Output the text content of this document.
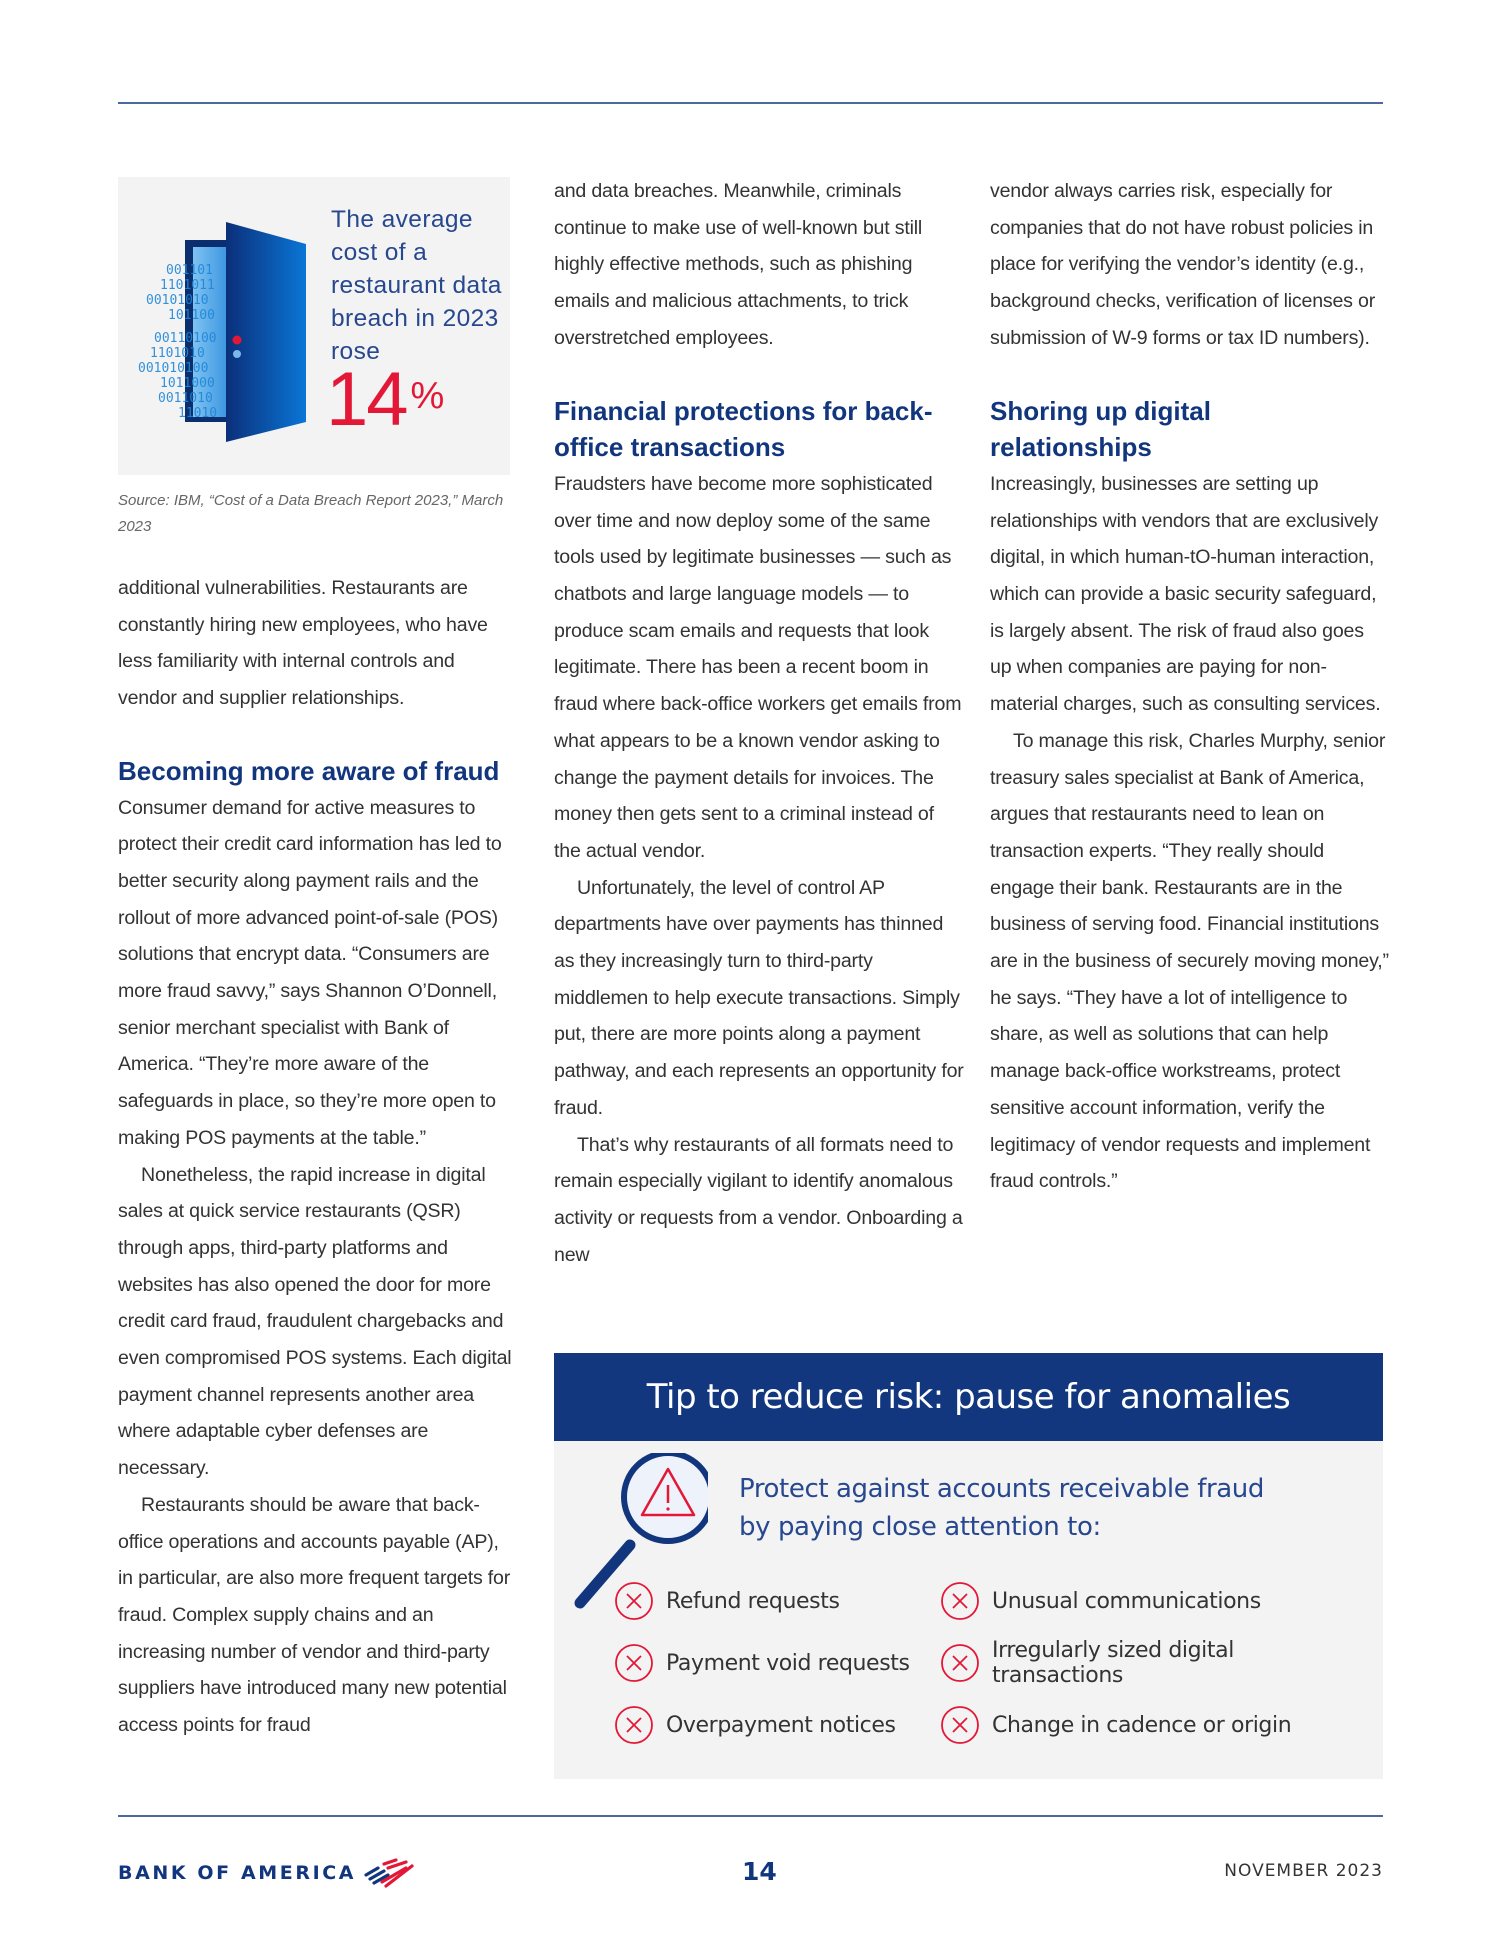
001101
1101011
00101010
101100
00110100
1101010
001010100
1011000
0011010
11010
The average cost of a restaurant data breach in 2023 rose
14 %
Source: IBM, “Cost of a Data Breach Report 2023,” March 2023

additional vulnerabilities. Restaurants are constantly hiring new employees, who have less familiarity with internal controls and vendor and supplier relationships.

Becoming more aware of fraud

Consumer demand for active measures to protect their credit card information has led to better security along payment rails and the rollout of more advanced point-of-sale (POS) solutions that encrypt data. “Consumers are more fraud savvy,” says Shannon O’Donnell, senior merchant specialist with Bank of America. “They’re more aware of the safeguards in place, so they’re more open to making POS payments at the table.”

Nonetheless, the rapid increase in digital sales at quick service restaurants (QSR) through apps, third-party platforms and websites has also opened the door for more credit card fraud, fraudulent chargebacks and even compromised POS systems. Each digital payment channel represents another area where adaptable cyber defenses are necessary.

Restaurants should be aware that back-office operations and accounts payable (AP), in particular, are also more frequent targets for fraud. Complex supply chains and an increasing number of vendor and third-party suppliers have introduced many new potential access points for fraud

and data breaches. Meanwhile, criminals continue to make use of well-known but still highly effective methods, such as phishing emails and malicious attachments, to trick overstretched employees.

Financial protections for back-office transactions

Fraudsters have become more sophisticated over time and now deploy some of the same tools used by legitimate businesses — such as chatbots and large language models — to produce scam emails and requests that look legitimate. There has been a recent boom in fraud where back-office workers get emails from what appears to be a known vendor asking to change the payment details for invoices. The money then gets sent to a criminal instead of the actual vendor.

Unfortunately, the level of control AP departments have over payments has thinned as they increasingly turn to third-party middlemen to help execute transactions. Simply put, there are more points along a payment pathway, and each represents an opportunity for fraud.

That’s why restaurants of all formats need to remain especially vigilant to identify anomalous activity or requests from a vendor. Onboarding a new

vendor always carries risk, especially for companies that do not have robust policies in place for verifying the vendor’s identity (e.g., background checks, verification of licenses or submission of W-9 forms or tax ID numbers).

Shoring up digital relationships

Increasingly, businesses are setting up relationships with vendors that are exclusively digital, in which human-tO-human interaction, which can provide a basic security safeguard, is largely absent. The risk of fraud also goes up when companies are paying for non-material charges, such as consulting services.

To manage this risk, Charles Murphy, senior treasury sales specialist at Bank of America, argues that restaurants need to lean on transaction experts. “They really should engage their bank. Restaurants are in the business of serving food. Financial institutions are in the business of securely moving money,” he says. “They have a lot of intelligence to share, as well as solutions that can help manage back-office workstreams, protect sensitive account information, verify the legitimacy of vendor requests and implement fraud controls.”

Tip to reduce risk: pause for anomalies
Protect against accounts receivable fraud by paying close attention to:
Refund requests	Unusual communications
Payment void requests	Irregularly sized digital transactions
Overpayment notices	Change in cadence or origin
BANK OF AMERICA	14	NOVEMBER 2023
